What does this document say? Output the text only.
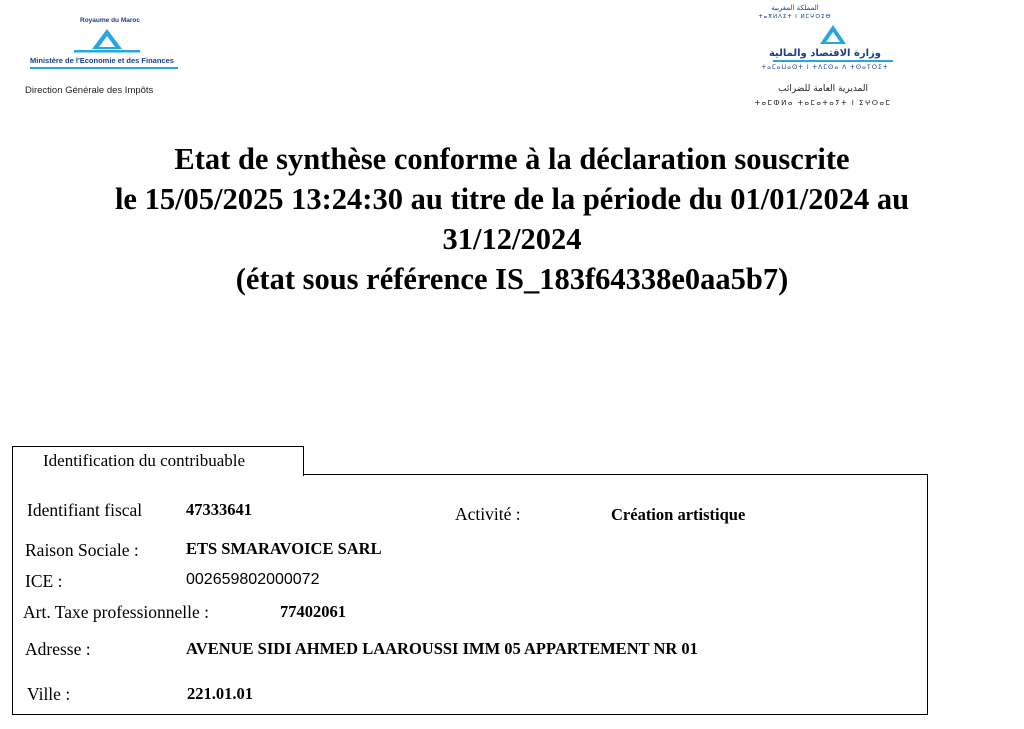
Royaume du Maroc
Ministère de l'Economie et des Finances
Direction Générale des Impôts
المملكة المغربية
ⵜⴰⴳⵍⴷⵉⵜ ⵏ ⵍⵎⵖⵔⵉⴱ
وزارة الاقتصاد والمالية
ⵜⴰⵎⴰⵡⴰⵙⵜ ⵏ ⵜⴷⵎⵙⴰ ⴷ ⵜⵙⴰⵢⵔⵉⵜ
المديرية العامة للضرائب
ⵜⴰⵎⵀⵍⴰ ⵜⴰⵎⴰⵜⴰⵢⵜ ⵏ ⵉⵖⵔⴰⵎ
Etat de synthèse conforme à la déclaration souscrite
le 15/05/2025 13:24:30 au titre de la période du 01/01/2024 au
31/12/2024
(état sous référence IS_183f64338e0aa5b7)
Identification du contribuable
Identifiant fiscal	47333641	Activité :	Création artistique
Raison Sociale :	ETS SMARAVOICE SARL
ICE :	002659802000072
Art. Taxe professionnelle :	77402061
Adresse :	AVENUE SIDI AHMED LAAROUSSI IMM 05 APPARTEMENT NR 01
Ville :	221.01.01
